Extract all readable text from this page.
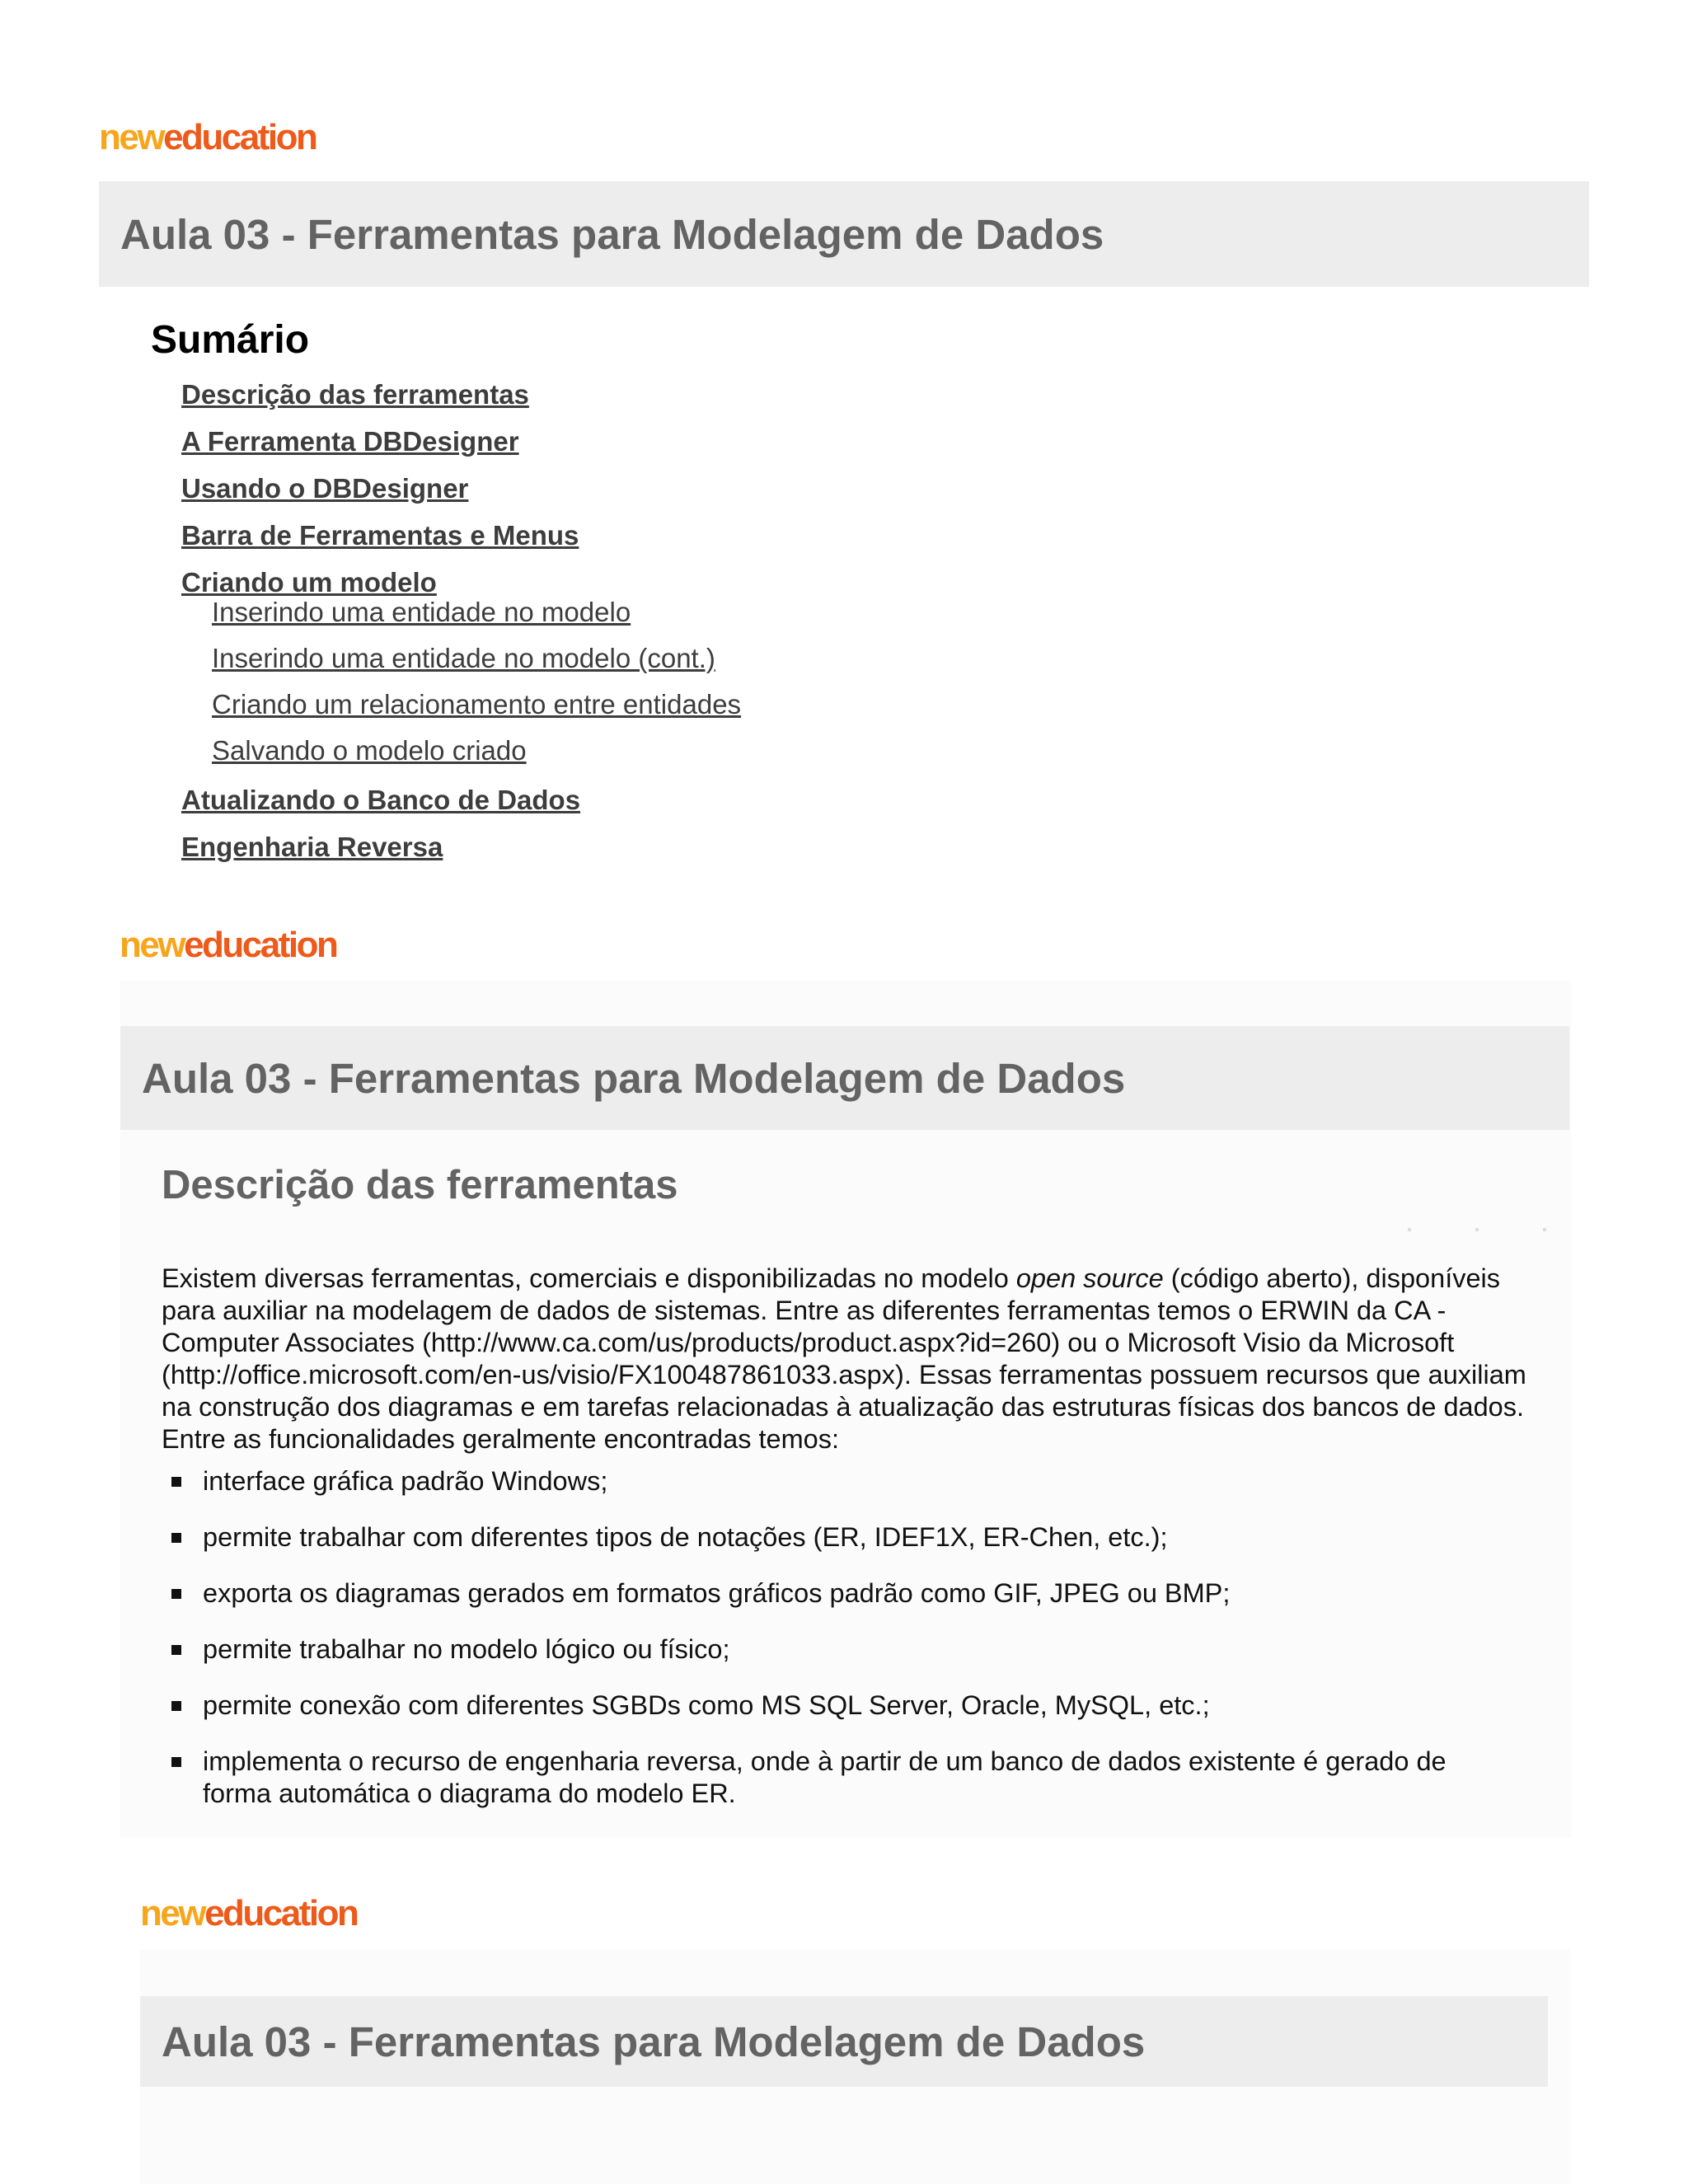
neweducation
Aula 03 - Ferramentas para Modelagem de Dados
Sumário
Descrição das ferramentas
A Ferramenta DBDesigner
Usando o DBDesigner
Barra de Ferramentas e Menus
Criando um modelo
Inserindo uma entidade no modelo
Inserindo uma entidade no modelo (cont.)
Criando um relacionamento entre entidades
Salvando o modelo criado
Atualizando o Banco de Dados
Engenharia Reversa
neweducation
Aula 03 - Ferramentas para Modelagem de Dados
Descrição das ferramentas

Existem diversas ferramentas, comerciais e disponibilizadas no modelo open source (código aberto), disponíveis para auxiliar na modelagem de dados de sistemas. Entre as diferentes ferramentas temos o ERWIN da CA - Computer Associates (http://www.ca.com/us/products/product.aspx?id=260) ou o Microsoft Visio da Microsoft (http://office.microsoft.com/en-us/visio/FX100487861033.aspx). Essas ferramentas possuem recursos que auxiliam na construção dos diagramas e em tarefas relacionadas à atualização das estruturas físicas dos bancos de dados. Entre as funcionalidades geralmente encontradas temos:

interface gráfica padrão Windows;
permite trabalhar com diferentes tipos de notações (ER, IDEF1X, ER-Chen, etc.);
exporta os diagramas gerados em formatos gráficos padrão como GIF, JPEG ou BMP;
permite trabalhar no modelo lógico ou físico;
permite conexão com diferentes SGBDs como MS SQL Server, Oracle, MySQL, etc.;
implementa o recurso de engenharia reversa, onde à partir de um banco de dados existente é gerado de forma automática o diagrama do modelo ER.
neweducation
Aula 03 - Ferramentas para Modelagem de Dados
